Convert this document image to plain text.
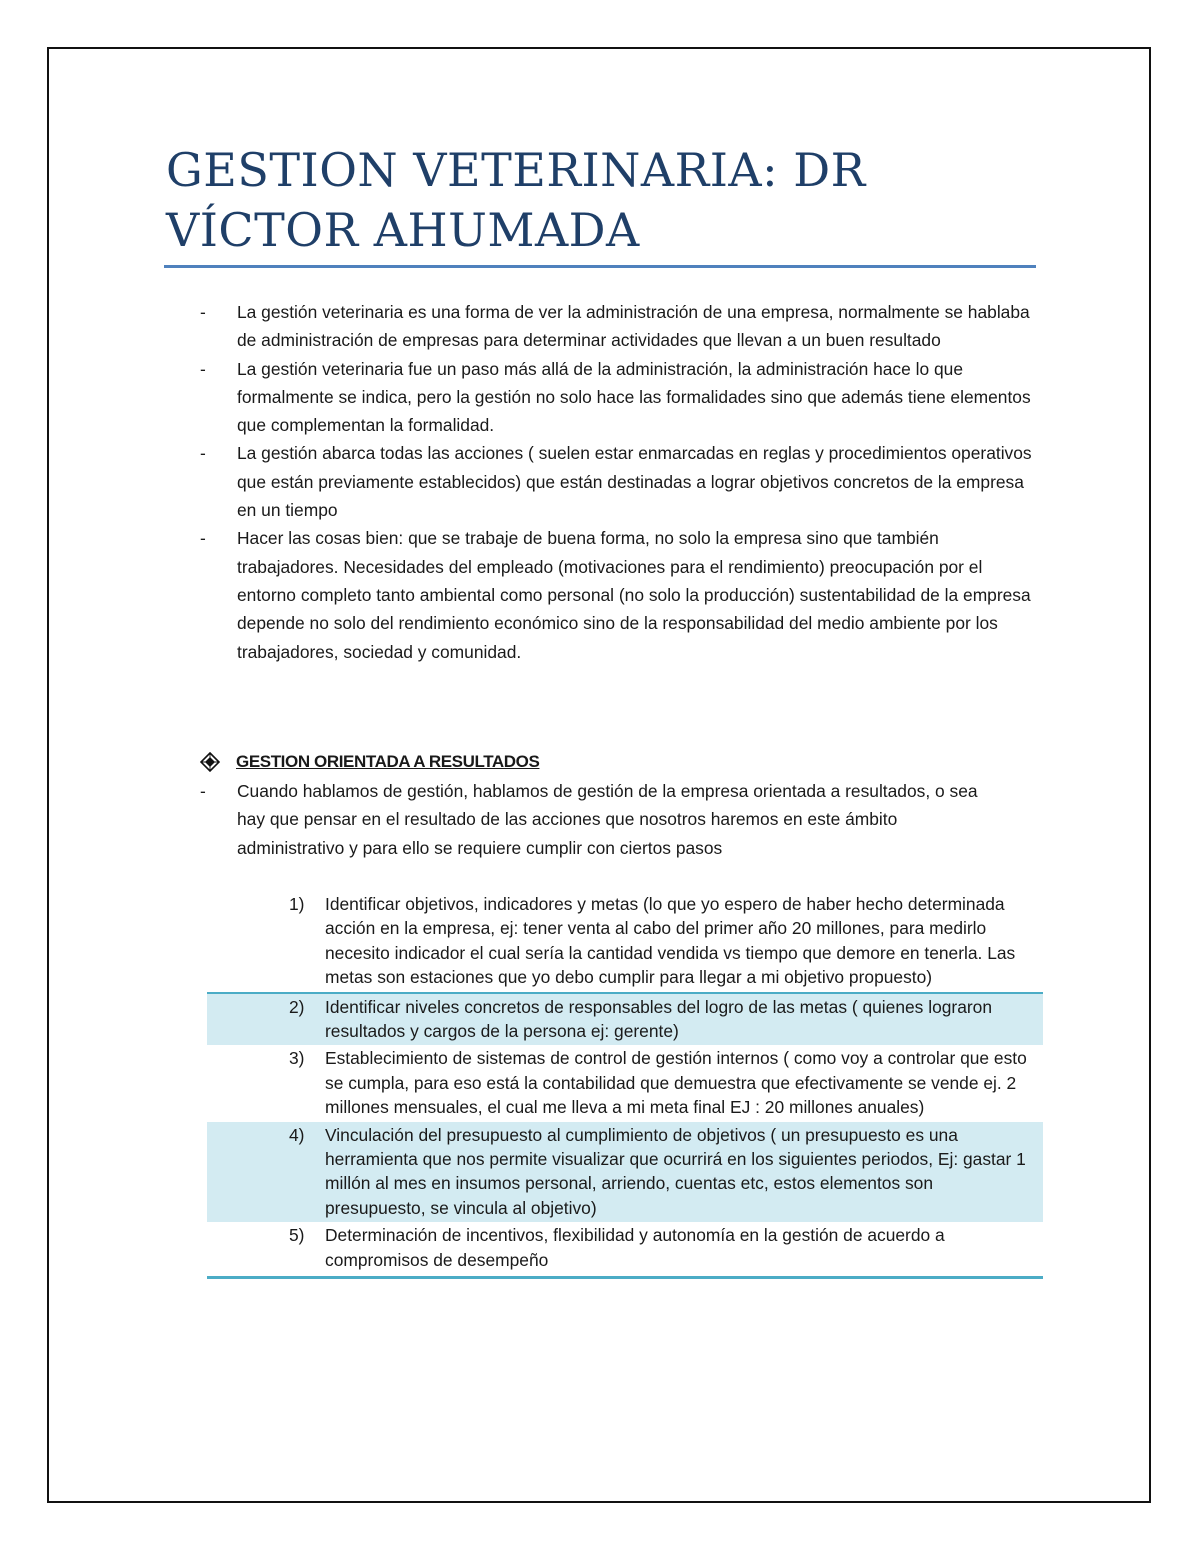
GESTION VETERINARIA: DR VÍCTOR AHUMADA
- La gestión veterinaria es una forma de ver la administración de una empresa, normalmente se hablaba de administración de empresas para determinar actividades que llevan a un buen resultado
- La gestión veterinaria fue un paso más allá de la administración, la administración hace lo que formalmente se indica, pero la gestión no solo hace las formalidades sino que además tiene elementos que complementan la formalidad.
- La gestión abarca todas las acciones ( suelen estar enmarcadas en reglas y procedimientos operativos que están previamente establecidos) que están destinadas a lograr objetivos concretos de la empresa en un tiempo
- Hacer las cosas bien: que se trabaje de buena forma, no solo la empresa sino que también trabajadores. Necesidades del empleado (motivaciones para el rendimiento) preocupación por el entorno completo tanto ambiental como personal (no solo la producción) sustentabilidad de la empresa depende no solo del rendimiento económico sino de la responsabilidad del medio ambiente por los trabajadores, sociedad y comunidad.
GESTION ORIENTADA A RESULTADOS
- Cuando hablamos de gestión, hablamos de gestión de la empresa orientada a resultados, o sea hay que pensar en el resultado de las acciones que nosotros haremos en este ámbito administrativo y para ello se requiere cumplir con ciertos pasos
1) Identificar objetivos, indicadores y metas (lo que yo espero de haber hecho determinada acción en la empresa, ej: tener venta al cabo del primer año 20 millones, para medirlo necesito indicador el cual sería la cantidad vendida vs tiempo que demore en tenerla. Las metas son estaciones que yo debo cumplir para llegar a mi objetivo propuesto)
2) Identificar niveles concretos de responsables del logro de las metas ( quienes lograron resultados y cargos de la persona ej: gerente)
3) Establecimiento de sistemas de control de gestión internos ( como voy a controlar que esto se cumpla, para eso está la contabilidad que demuestra que efectivamente se vende ej. 2 millones mensuales, el cual me lleva a mi meta final EJ : 20 millones anuales)
4) Vinculación del presupuesto al cumplimiento de objetivos ( un presupuesto es una herramienta que nos permite visualizar que ocurrirá en los siguientes periodos, Ej: gastar 1 millón al mes en insumos personal, arriendo, cuentas etc, estos elementos son presupuesto, se vincula al objetivo)
5) Determinación de incentivos, flexibilidad y autonomía en la gestión de acuerdo a compromisos de desempeño
